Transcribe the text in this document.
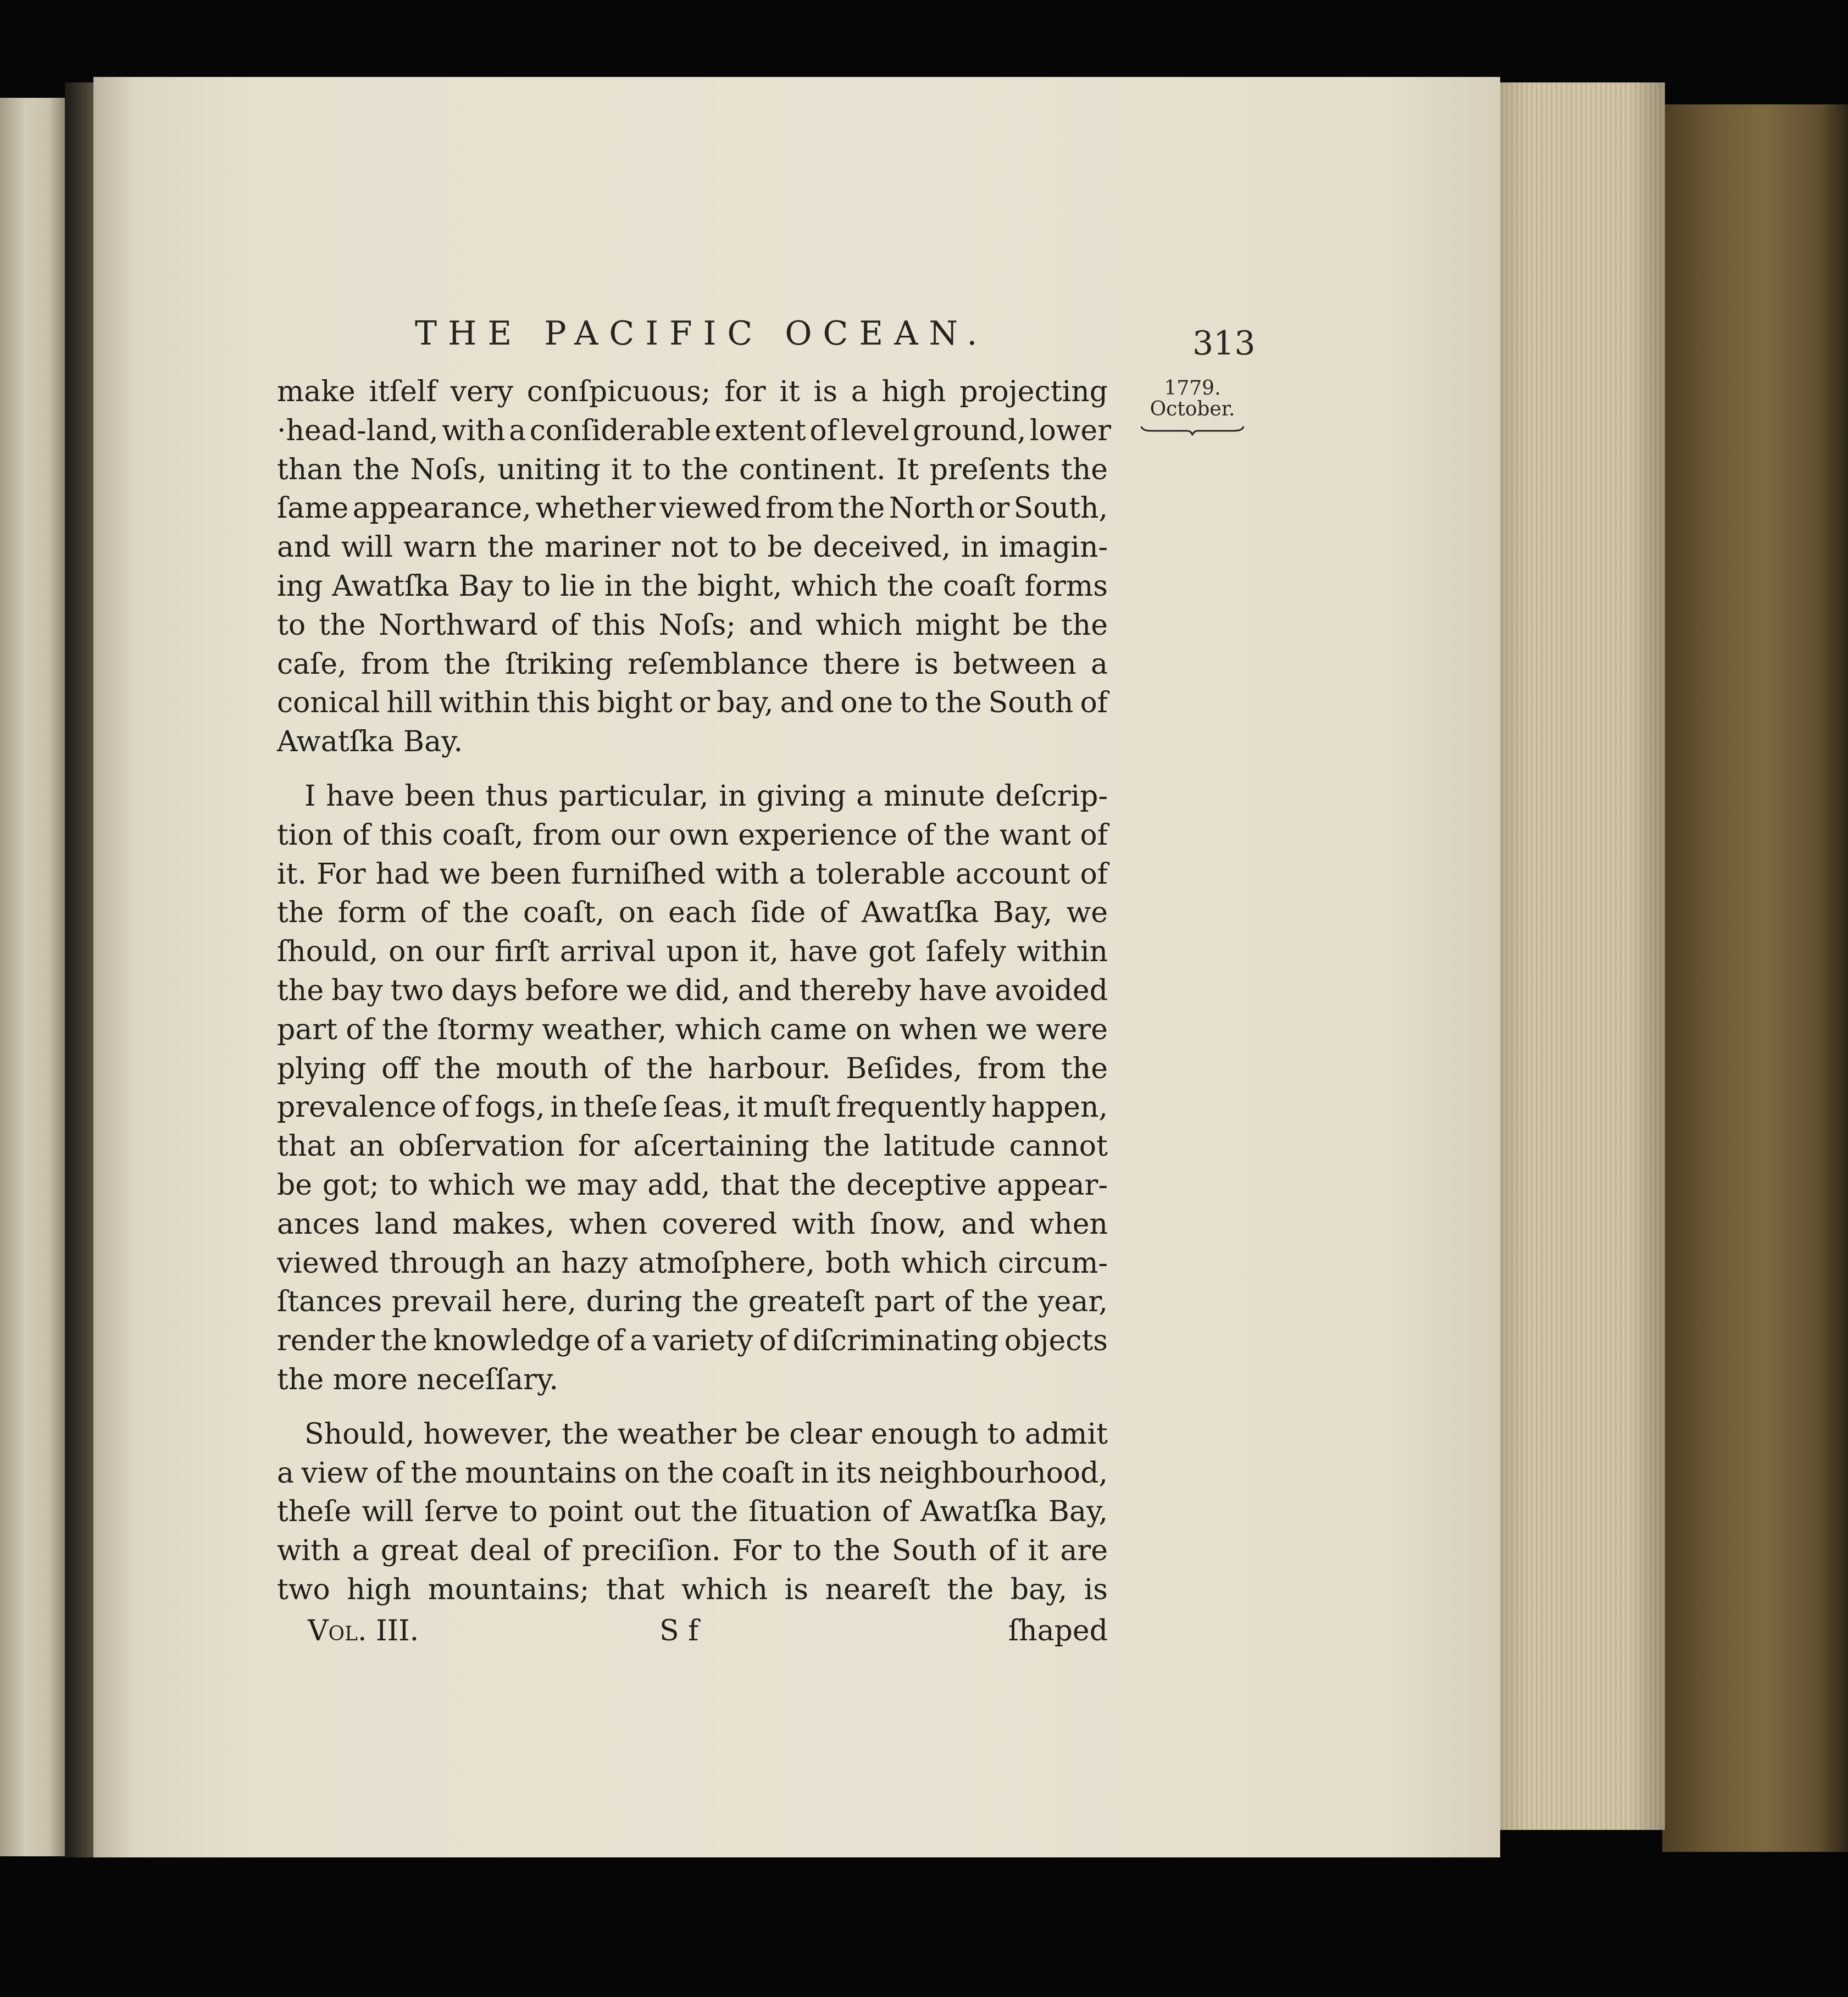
THE PACIFIC OCEAN.	313
1779.
October.
make itſelf very conſpicuous; for it is a high projecting
·head-land, with a conſiderable extent of level ground, lower
than the Noſs, uniting it to the continent. It preſents the
ſame appearance, whether viewed from the North or South,
and will warn the mariner not to be deceived, in imagin-
ing Awatſka Bay to lie in the bight, which the coaſt forms
to the Northward of this Noſs; and which might be the
caſe, from the ſtriking reſemblance there is between a
conical hill within this bight or bay, and one to the South of
Awatſka Bay.
I have been thus particular, in giving a minute deſcrip-
tion of this coaſt, from our own experience of the want of
it. For had we been furniſhed with a tolerable account of
the form of the coaſt, on each ſide of Awatſka Bay, we
ſhould, on our firſt arrival upon it, have got ſafely within
the bay two days before we did, and thereby have avoided
part of the ſtormy weather, which came on when we were
plying off the mouth of the harbour. Beſides, from the
prevalence of fogs, in theſe ſeas, it muſt frequently happen,
that an obſervation for aſcertaining the latitude cannot
be got; to which we may add, that the deceptive appear-
ances land makes, when covered with ſnow, and when
viewed through an hazy atmoſphere, both which circum-
ſtances prevail here, during the greateſt part of the year,
render the knowledge of a variety of diſcriminating objects
the more neceſſary.
Should, however, the weather be clear enough to admit
a view of the mountains on the coaſt in its neighbourhood,
theſe will ſerve to point out the ſituation of Awatſka Bay,
with a great deal of preciſion. For to the South of it are
two high mountains; that which is neareſt the bay, is
Vol. III.	S f	ſhaped
